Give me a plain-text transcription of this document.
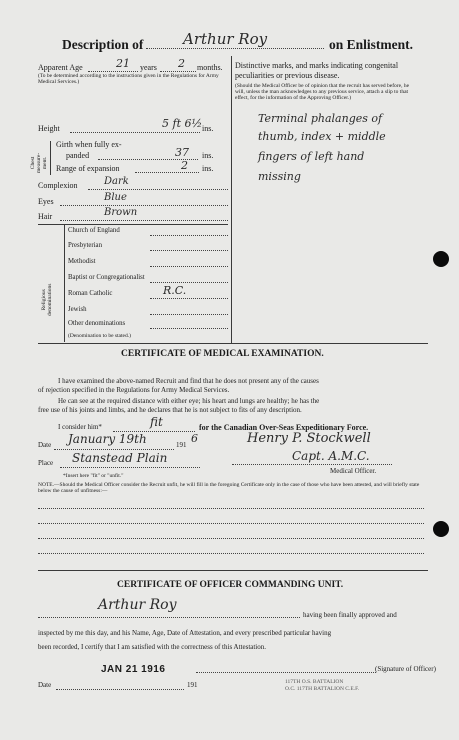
Description of	Arthur Roy	on Enlistment.
Apparent Age	21 years 2 months.
(To be determined according to the instructions given in the Regulations for Army Medical Services.)
Height	5 ft 6½ ins.
Chest
measure-
ment.
Girth when fully ex-
panded	37 ins.
Range of expansion	2 ins.
Complexion	Dark
Eyes	Blue
Hair	Brown
Religious
denominations
Church of England
Presbyterian
Methodist
Baptist or Congregationalist
Roman Catholic	R.C.
Jewish
Other denominations
(Denomination to be stated.)
Distinctive marks, and marks indicating congenital
peculiarities or previous disease.
(Should the Medical Officer be of opinion that the recruit has served before, he will, unless the man acknowledges to any previous service, attach a slip to that effect, for the information of the Approving Officer.)
Terminal phalanges of
thumb, index + middle
fingers of left hand
missing
CERTIFICATE OF MEDICAL EXAMINATION.
I have examined the above-named Recruit and find that he does not present any of the causes
of rejection specified in the Regulations for Army Medical Services.
He can see at the required distance with either eye; his heart and lungs are healthy; he has the
free use of his joints and limbs, and he declares that he is not subject to fits of any description.
I consider him*	fit	for the Canadian Over-Seas Expeditionary Force.
Date January 19th	191 6	Henry P. Stockwell
Place Stanstead Plain	Capt. A.M.C.
Medical Officer.
*Insert here "fit" or "unfit."
NOTE.—Should the Medical Officer consider the Recruit unfit, he will fill in the foregoing Certificate only in the case of those who have been attested, and will briefly state below the cause of unfitness:—
CERTIFICATE OF OFFICER COMMANDING UNIT.
Arthur Roy
having been finally approved and
inspected by me this day, and his Name, Age, Date of Attestation, and every prescribed particular having
been recorded, I certify that I am satisfied with the correctness of this Attestation.
JAN 21 1916	(Signature of Officer)
Date	191	117TH O.S. BATTALION
O.C. 117TH BATTALION C.E.F.
